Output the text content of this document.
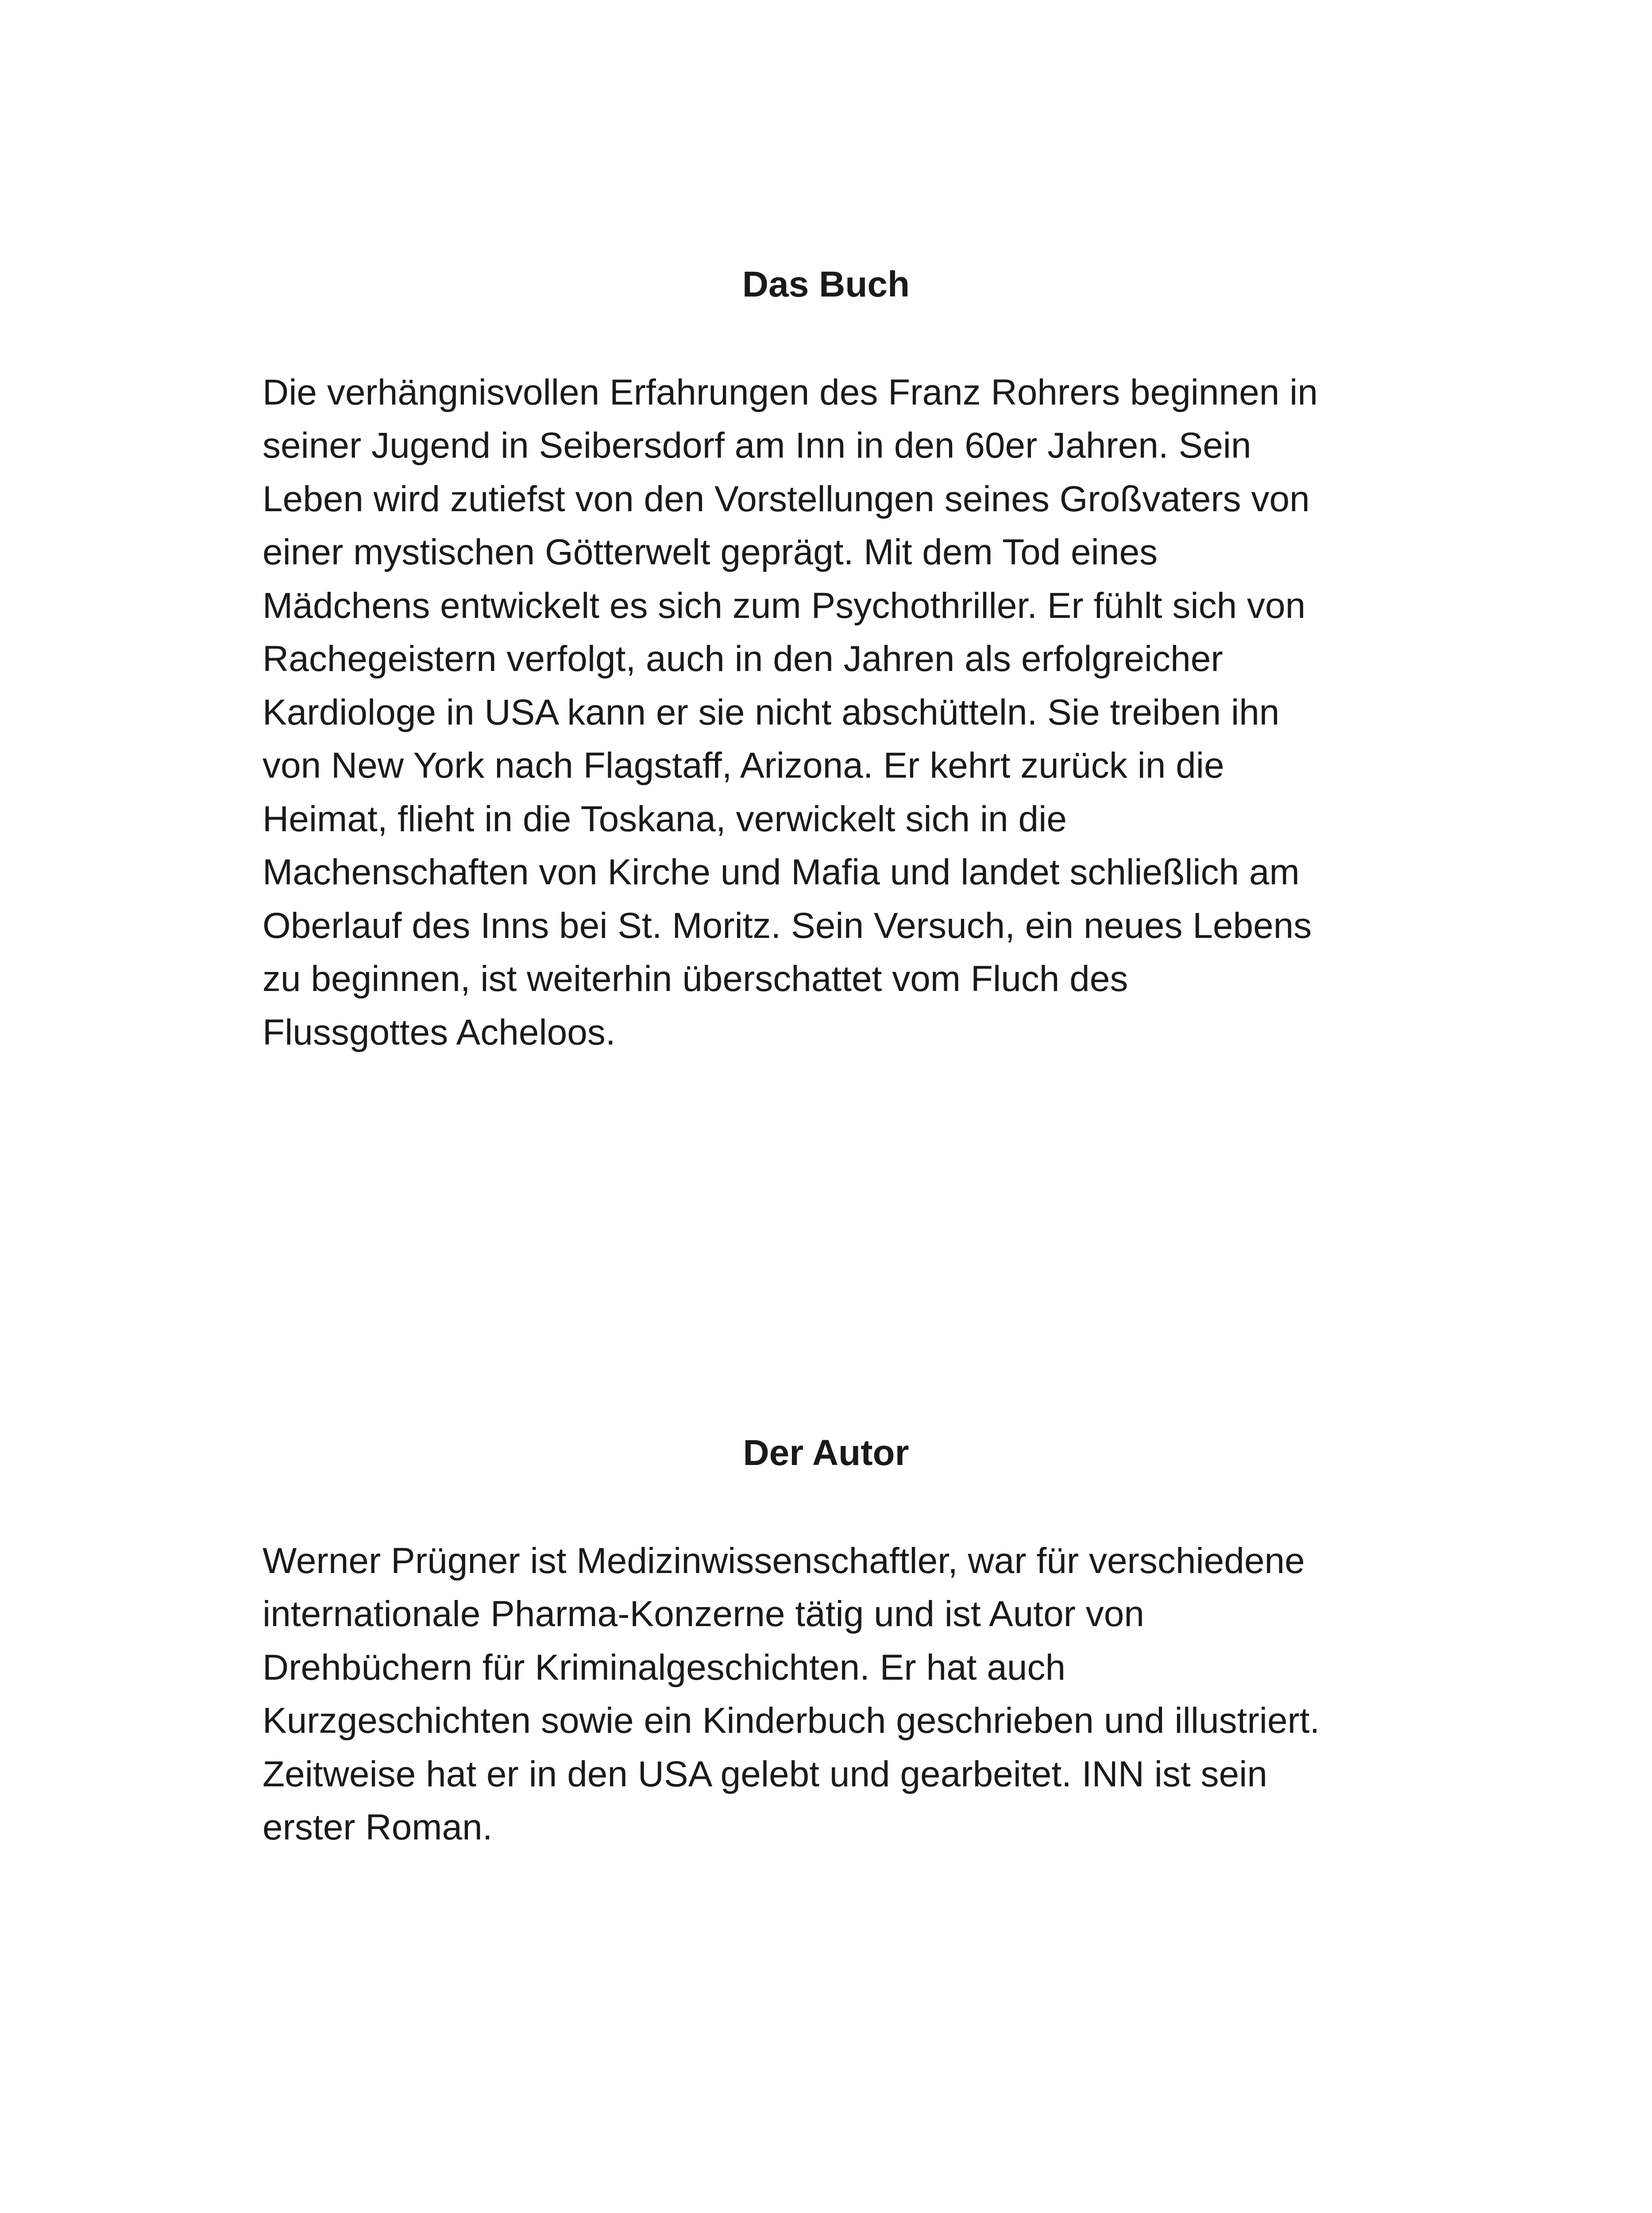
Das Buch

Die verhängnisvollen Erfahrungen des Franz Rohrers beginnen in

seiner Jugend in Seibersdorf am Inn in den 60er Jahren. Sein

Leben wird zutiefst von den Vorstellungen seines Großvaters von

einer mystischen Götterwelt geprägt. Mit dem Tod eines

Mädchens entwickelt es sich zum Psychothriller. Er fühlt sich von

Rachegeistern verfolgt, auch in den Jahren als erfolgreicher

Kardiologe in USA kann er sie nicht abschütteln. Sie treiben ihn

von New York nach Flagstaff, Arizona. Er kehrt zurück in die

Heimat, flieht in die Toskana, verwickelt sich in die

Machenschaften von Kirche und Mafia und landet schließlich am

Oberlauf des Inns bei St. Moritz. Sein Versuch, ein neues Lebens

zu beginnen, ist weiterhin überschattet vom Fluch des

Flussgottes Acheloos.

Der Autor

Werner Prügner ist Medizinwissenschaftler, war für verschiedene

internationale Pharma-Konzerne tätig und ist Autor von

Drehbüchern für Kriminalgeschichten. Er hat auch

Kurzgeschichten sowie ein Kinderbuch geschrieben und illustriert.

Zeitweise hat er in den USA gelebt und gearbeitet. INN ist sein

erster Roman.
